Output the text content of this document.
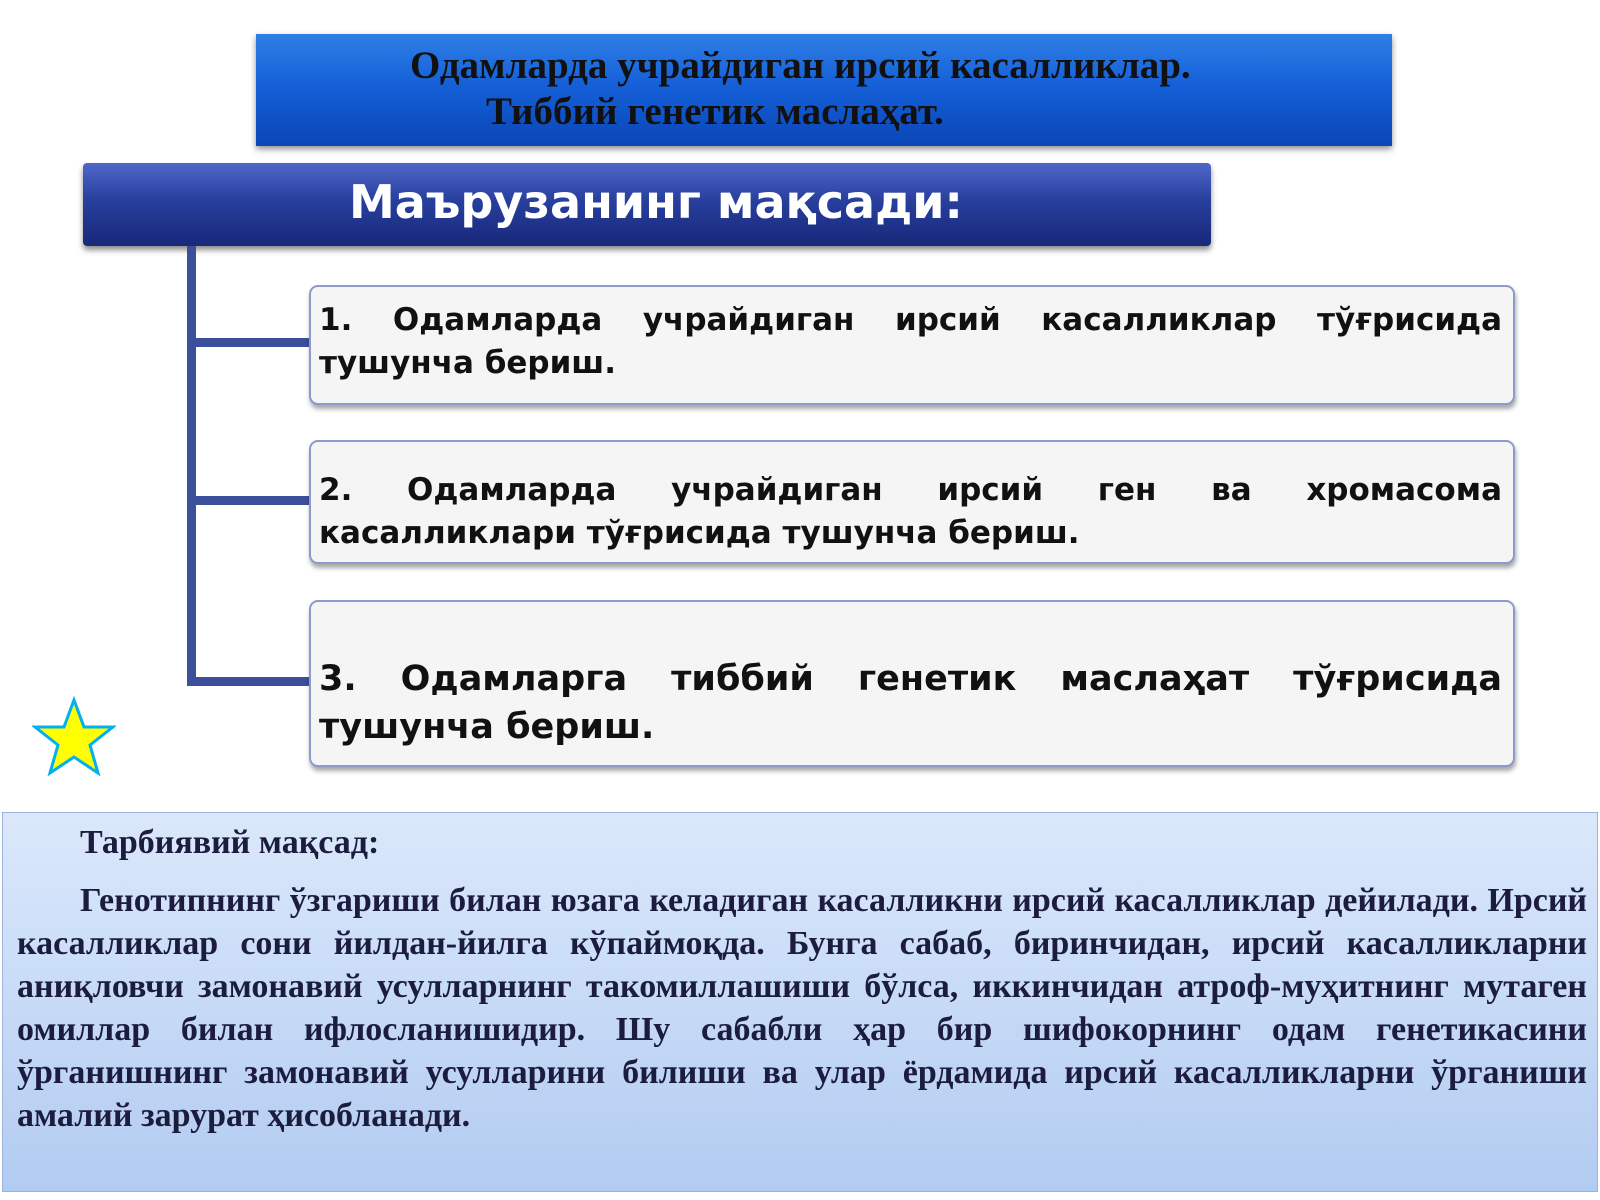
Одамларда учрайдиган ирсий касалликлар.
Тиббий генетик маслаҳат.
Маърузанинг мақсади:
1. Одамларда учрайдиган ирсий касалликлар тўғрисида тушунча бериш.
2. Одамларда учрайдиган ирсий ген ва хромасома касалликлари тўғрисида тушунча бериш.
3. Одамларга тиббий генетик маслаҳат тўғрисида тушунча бериш.
Тарбиявий мақсад:
Генотипнинг ўзгариши билан юзага келадиган касалликни ирсий касалликлар дейилади. Ирсий касалликлар сони йилдан-йилга кўпаймоқда. Бунга сабаб, биринчидан, ирсий касалликларни аниқловчи замонавий усулларнинг такомиллашиши бўлса, иккинчидан атроф-муҳитнинг мутаген омиллар билан ифлосланишидир. Шу сабабли ҳар бир шифокорнинг одам генетикасини ўрганишнинг замонавий усулларини билиши ва улар ёрдамида ирсий касалликларни ўрганиши амалий зарурат ҳисобланади.
